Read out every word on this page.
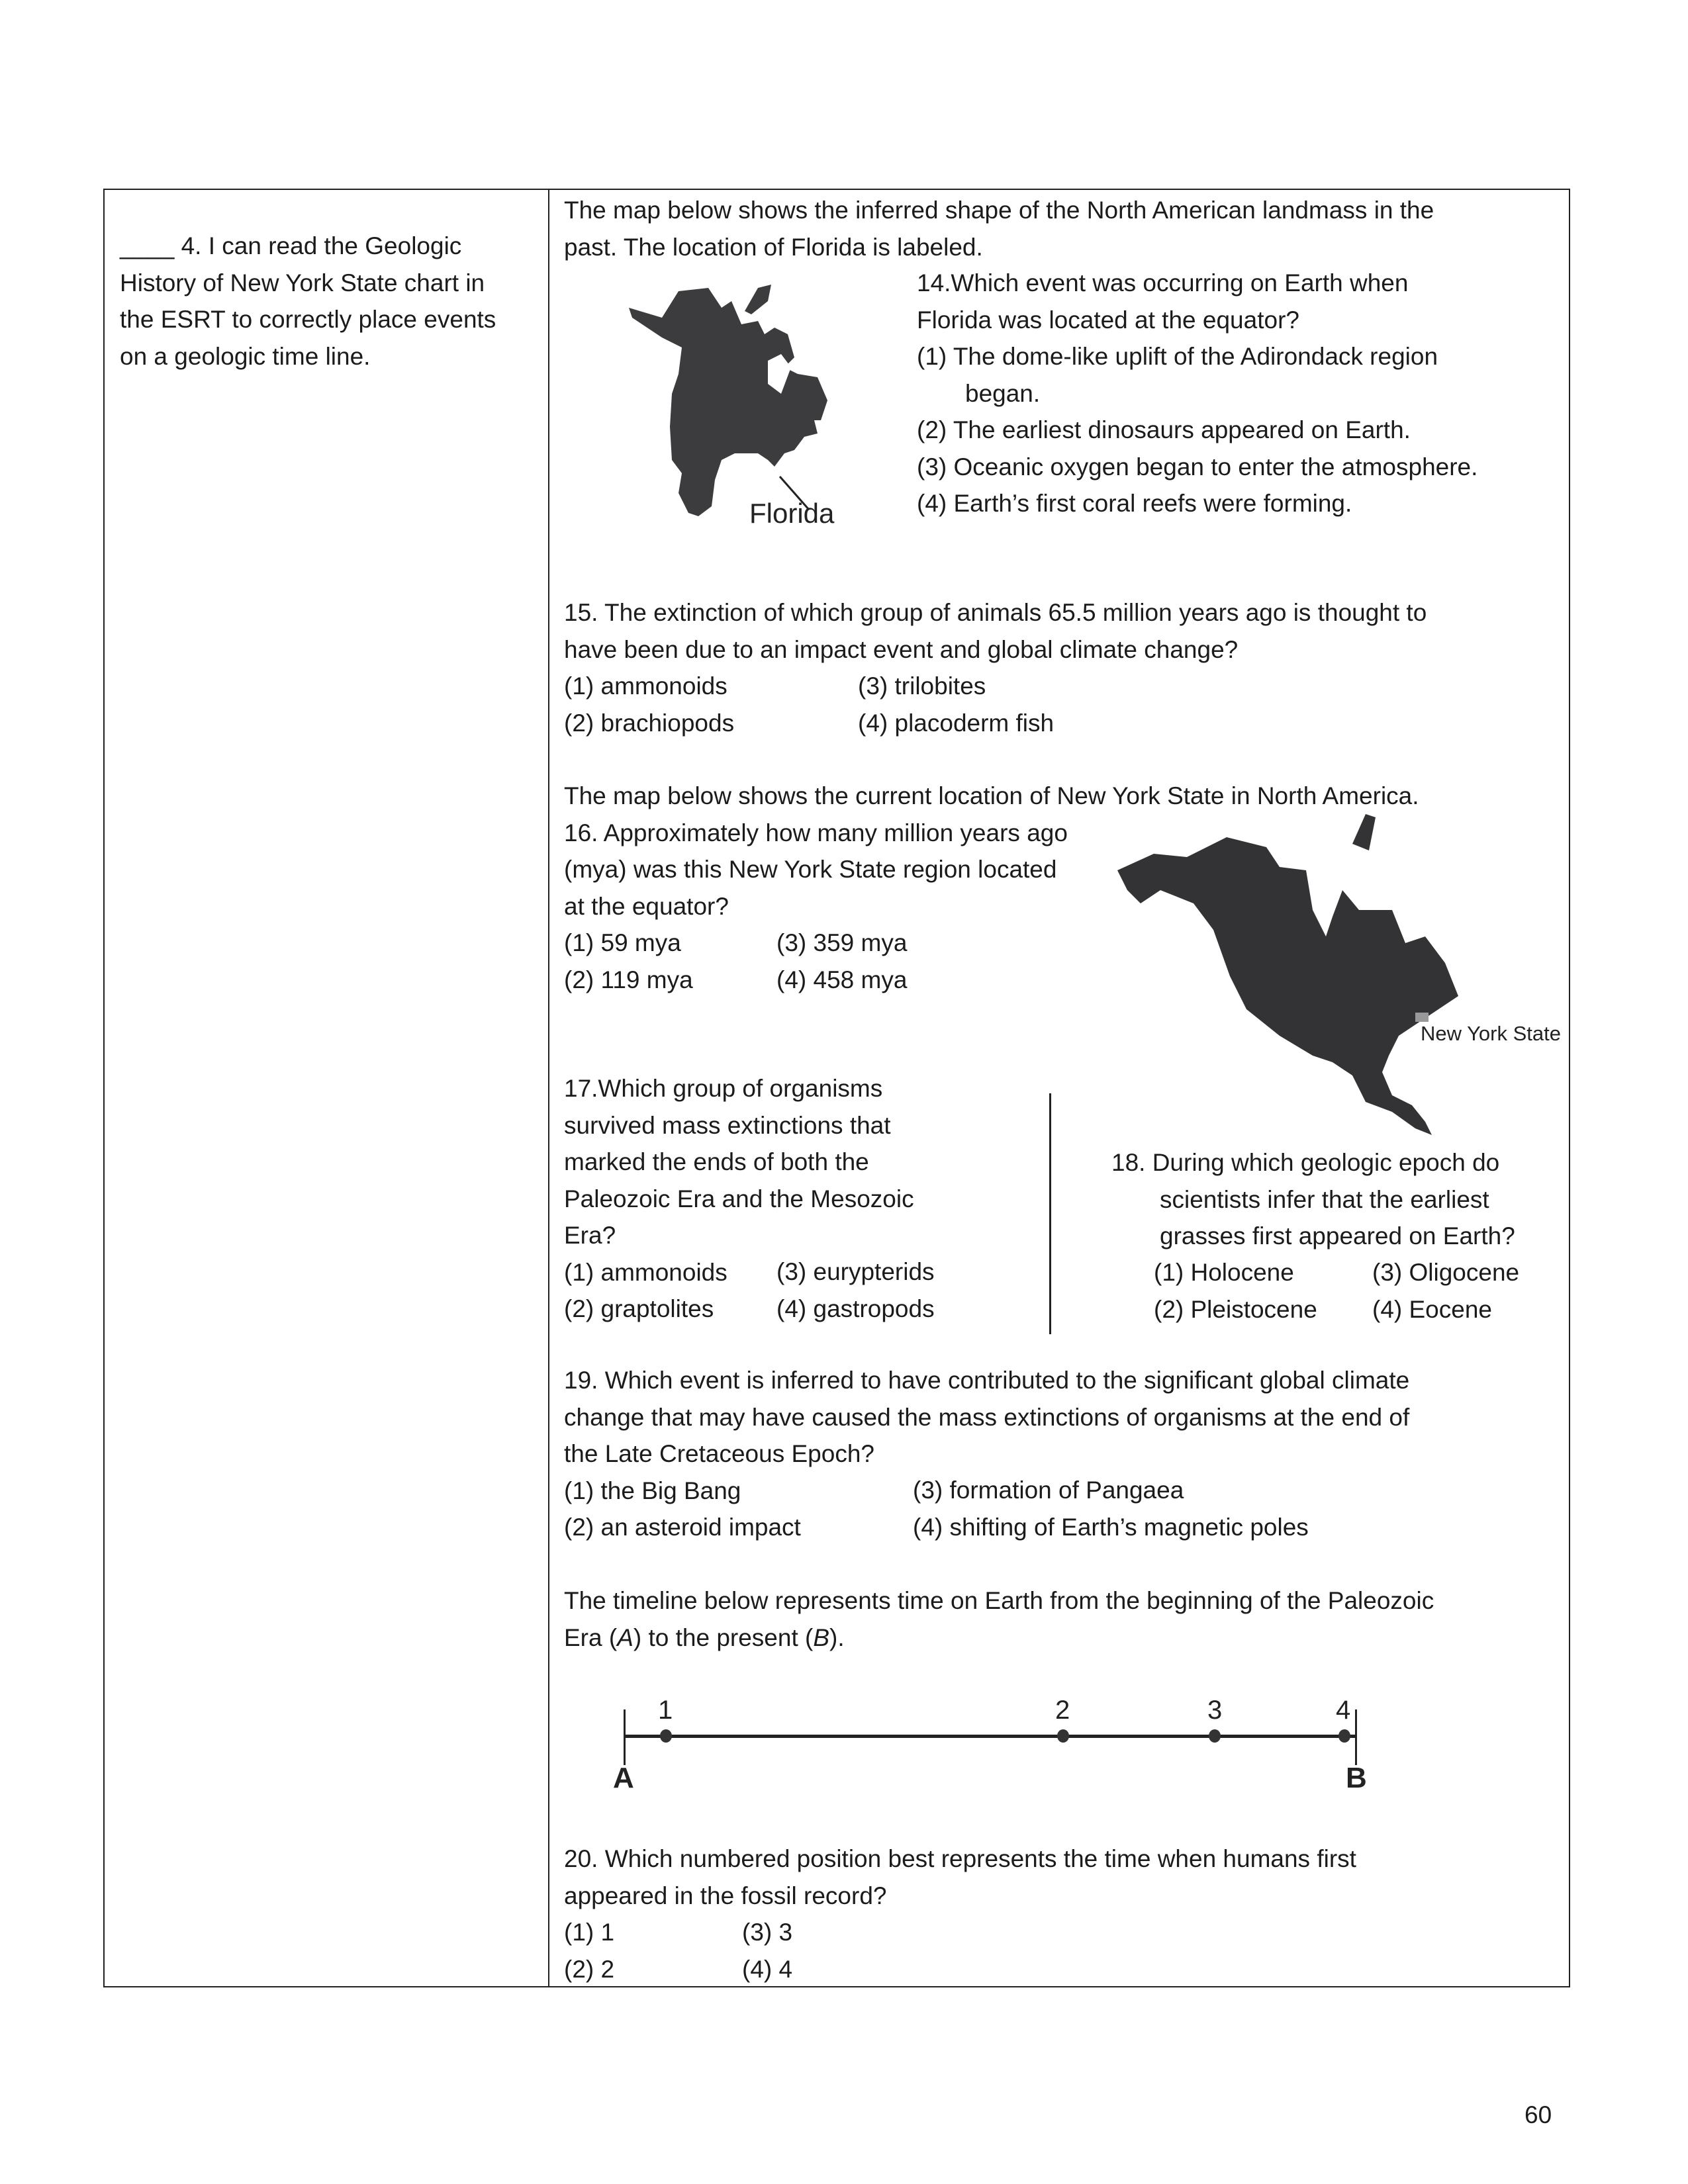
____ 4. I can read the Geologic
History of New York State chart in
the ESRT to correctly place events
on a geologic time line.
The map below shows the inferred shape of the North American landmass in the
past. The location of Florida is labeled.
Florida
14.Which event was occurring on Earth when
Florida was located at the equator?
(1) The dome-like uplift of the Adirondack region
began.
(2) The earliest dinosaurs appeared on Earth.
(3) Oceanic oxygen began to enter the atmosphere.
(4) Earth’s first coral reefs were forming.
15. The extinction of which group of animals 65.5 million years ago is thought to
have been due to an impact event and global climate change?
(1) ammonoids
(2) brachiopods
(3) trilobites
(4) placoderm fish
The map below shows the current location of New York State in North America.
16. Approximately how many million years ago
(mya) was this New York State region located
at the equator?
(1) 59 mya
(2) 119 mya
(3) 359 mya
(4) 458 mya
New York State
17.Which group of organisms
survived mass extinctions that
marked the ends of both the
Paleozoic Era and the Mesozoic
Era?
(1) ammonoids
(2) graptolites
(3) eurypterids
(4) gastropods
18. During which geologic epoch do
scientists infer that the earliest
grasses first appeared on Earth?
(1) Holocene
(2) Pleistocene
(3) Oligocene
(4) Eocene
19. Which event is inferred to have contributed to the significant global climate
change that may have caused the mass extinctions of organisms at the end of
the Late Cretaceous Epoch?
(1) the Big Bang
(2) an asteroid impact
(3) formation of Pangaea
(4) shifting of Earth’s magnetic poles
The timeline below represents time on Earth from the beginning of the Paleozoic
Era (A) to the present (B).
1	2	3	4
A	B
20. Which numbered position best represents the time when humans first
appeared in the fossil record?
(1) 1
(2) 2
(3) 3
(4) 4
60
